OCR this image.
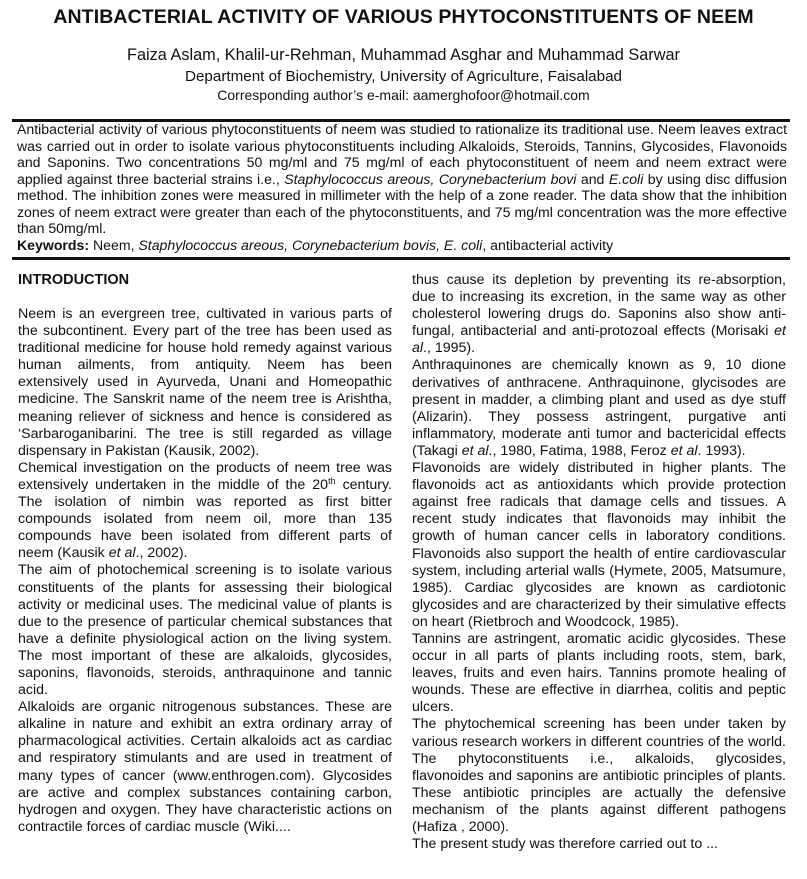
ANTIBACTERIAL ACTIVITY OF VARIOUS PHYTOCONSTITUENTS OF NEEM
Faiza Aslam, Khalil-ur-Rehman, Muhammad Asghar and Muhammad Sarwar
Department of Biochemistry, University of Agriculture, Faisalabad
Corresponding author’s e-mail: aamerghofoor@hotmail.com
Antibacterial activity of various phytoconstituents of neem was studied to rationalize its traditional use. Neem leaves extract was carried out in order to isolate various phytoconstituents including Alkaloids, Steroids, Tannins, Glycosides, Flavonoids and Saponins. Two concentrations 50 mg/ml and 75 mg/ml of each phytoconstituent of neem and neem extract were applied against three bacterial strains i.e., Staphylococcus areous, Corynebacterium bovi and E.coli by using disc diffusion method. The inhibition zones were measured in millimeter with the help of a zone reader. The data show that the inhibition zones of neem extract were greater than each of the phytoconstituents, and 75 mg/ml concentration was the more effective than 50mg/ml.
Keywords: Neem, Staphylococcus areous, Corynebacterium bovis, E. coli, antibacterial activity
INTRODUCTION

Neem is an evergreen tree, cultivated in various parts of the subcontinent. Every part of the tree has been used as traditional medicine for house hold remedy against various human ailments, from antiquity. Neem has been extensively used in Ayurveda, Unani and Homeopathic medicine. The Sanskrit name of the neem tree is Arishtha, meaning reliever of sickness and hence is considered as ‘Sarbaroganibarini. The tree is still regarded as village dispensary in Pakistan (Kausik, 2002).

Chemical investigation on the products of neem tree was extensively undertaken in the middle of the 20th century. The isolation of nimbin was reported as first bitter compounds isolated from neem oil, more than 135 compounds have been isolated from different parts of neem (Kausik et al., 2002).

The aim of photochemical screening is to isolate various constituents of the plants for assessing their biological activity or medicinal uses. The medicinal value of plants is due to the presence of particular chemical substances that have a definite physiological action on the living system. The most important of these are alkaloids, glycosides, saponins, flavonoids, steroids, anthraquinone and tannic acid.

Alkaloids are organic nitrogenous substances. These are alkaline in nature and exhibit an extra ordinary array of pharmacological activities. Certain alkaloids act as cardiac and respiratory stimulants and are used in treatment of many types of cancer (www.enthrogen.com). Glycosides are active and complex substances containing carbon, hydrogen and oxygen. They have characteristic actions on contractile forces of cardiac muscle (Wiki....

thus cause its depletion by preventing its re-absorption, due to increasing its excretion, in the same way as other cholesterol lowering drugs do. Saponins also show anti-fungal, antibacterial and anti-protozoal effects (Morisaki et al., 1995).

Anthraquinones are chemically known as 9, 10 dione derivatives of anthracene. Anthraquinone, glycisodes are present in madder, a climbing plant and used as dye stuff (Alizarin). They possess astringent, purgative anti inflammatory, moderate anti tumor and bactericidal effects (Takagi et al., 1980, Fatima, 1988, Feroz et al. 1993).

Flavonoids are widely distributed in higher plants. The flavonoids act as antioxidants which provide protection against free radicals that damage cells and tissues. A recent study indicates that flavonoids may inhibit the growth of human cancer cells in laboratory conditions. Flavonoids also support the health of entire cardiovascular system, including arterial walls (Hymete, 2005, Matsumure, 1985). Cardiac glycosides are known as cardiotonic glycosides and are characterized by their simulative effects on heart (Rietbroch and Woodcock, 1985).

Tannins are astringent, aromatic acidic glycosides. These occur in all parts of plants including roots, stem, bark, leaves, fruits and even hairs. Tannins promote healing of wounds. These are effective in diarrhea, colitis and peptic ulcers.

The phytochemical screening has been under taken by various research workers in different countries of the world. The phytoconstituents i.e., alkaloids, glycosides, flavonoides and saponins are antibiotic principles of plants. These antibiotic principles are actually the defensive mechanism of the plants against different pathogens (Hafiza , 2000).

The present study was therefore carried out to ...
